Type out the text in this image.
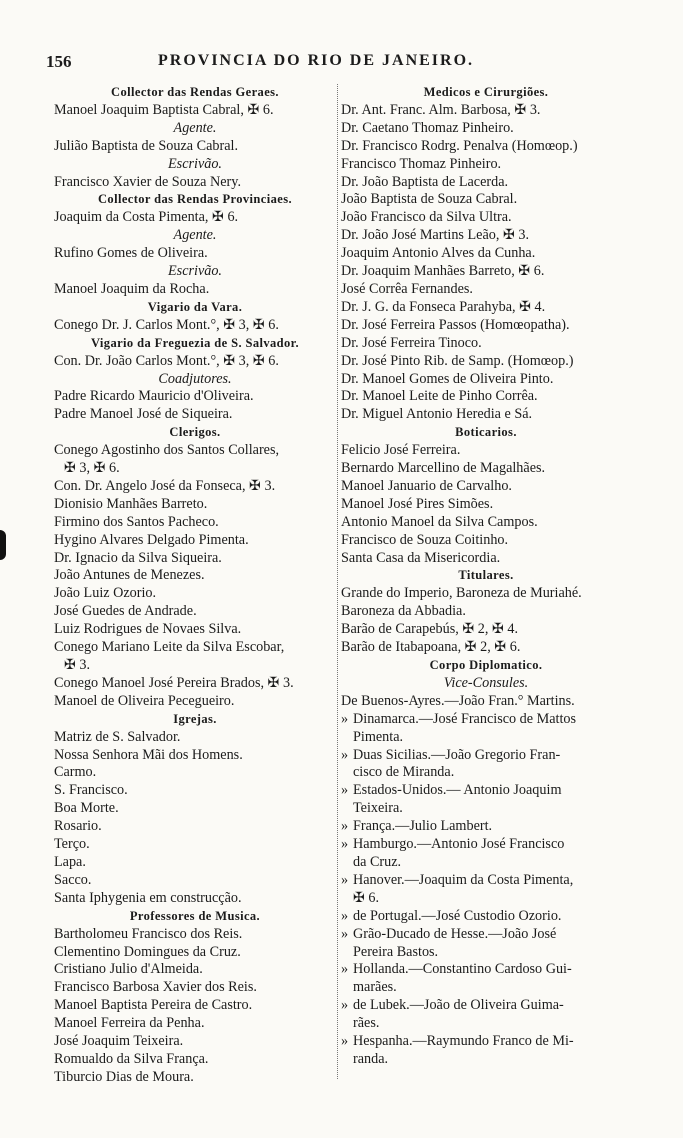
156	PROVINCIA DO RIO DE JANEIRO.
Collector das Rendas Geraes.
Manoel Joaquim Baptista Cabral, ✠ 6.
Agente.
Julião Baptista de Souza Cabral.
Escrivão.
Francisco Xavier de Souza Nery.
Collector das Rendas Provinciaes.
Joaquim da Costa Pimenta, ✠ 6.
Agente.
Rufino Gomes de Oliveira.
Escrivão.
Manoel Joaquim da Rocha.
Vigario da Vara.
Conego Dr. J. Carlos Mont.°, ✠ 3, ✠ 6.
Vigario da Freguezia de S. Salvador.
Con. Dr. João Carlos Mont.°, ✠ 3, ✠ 6.
Coadjutores.
Padre Ricardo Mauricio d'Oliveira.
Padre Manoel José de Siqueira.
Clerigos.
Conego Agostinho dos Santos Collares,
✠ 3, ✠ 6.
Con. Dr. Angelo José da Fonseca, ✠ 3.
Dionisio Manhães Barreto.
Firmino dos Santos Pacheco.
Hygino Alvares Delgado Pimenta.
Dr. Ignacio da Silva Siqueira.
João Antunes de Menezes.
João Luiz Ozorio.
José Guedes de Andrade.
Luiz Rodrigues de Novaes Silva.
Conego Mariano Leite da Silva Escobar,
✠ 3.
Conego Manoel José Pereira Brados, ✠ 3.
Manoel de Oliveira Pecegueiro.
Igrejas.
Matriz de S. Salvador.
Nossa Senhora Mãi dos Homens.
Carmo.
S. Francisco.
Boa Morte.
Rosario.
Terço.
Lapa.
Sacco.
Santa Iphygenia em construcção.
Professores de Musica.
Bartholomeu Francisco dos Reis.
Clementino Domingues da Cruz.
Cristiano Julio d'Almeida.
Francisco Barbosa Xavier dos Reis.
Manoel Baptista Pereira de Castro.
Manoel Ferreira da Penha.
José Joaquim Teixeira.
Romualdo da Silva França.
Tiburcio Dias de Moura.
Medicos e Cirurgiões.
Dr. Ant. Franc. Alm. Barbosa, ✠ 3.
Dr. Caetano Thomaz Pinheiro.
Dr. Francisco Rodrg. Penalva (Homœop.)
Francisco Thomaz Pinheiro.
Dr. João Baptista de Lacerda.
João Baptista de Souza Cabral.
João Francisco da Silva Ultra.
Dr. João José Martins Leão, ✠ 3.
Joaquim Antonio Alves da Cunha.
Dr. Joaquim Manhães Barreto, ✠ 6.
José Corrêa Fernandes.
Dr. J. G. da Fonseca Parahyba, ✠ 4.
Dr. José Ferreira Passos (Homœopatha).
Dr. José Ferreira Tinoco.
Dr. José Pinto Rib. de Samp. (Homœop.)
Dr. Manoel Gomes de Oliveira Pinto.
Dr. Manoel Leite de Pinho Corrêa.
Dr. Miguel Antonio Heredia e Sá.
Boticarios.
Felicio José Ferreira.
Bernardo Marcellino de Magalhães.
Manoel Januario de Carvalho.
Manoel José Pires Simões.
Antonio Manoel da Silva Campos.
Francisco de Souza Coitinho.
Santa Casa da Misericordia.
Titulares.
Grande do Imperio, Baroneza de Muriahé.
Baroneza da Abbadia.
Barão de Carapebús, ✠ 2, ✠ 4.
Barão de Itabapoana, ✠ 2, ✠ 6.
Corpo Diplomatico.
Vice-Consules.
De Buenos-Ayres.—João Fran.° Martins.
» Dinamarca.—José Francisco de Mattos
Pimenta.
» Duas Sicilias.—João Gregorio Fran-
cisco de Miranda.
» Estados-Unidos.— Antonio Joaquim
Teixeira.
» França.—Julio Lambert.
» Hamburgo.—Antonio José Francisco
da Cruz.
» Hanover.—Joaquim da Costa Pimenta,
✠ 6.
» de Portugal.—José Custodio Ozorio.
» Grão-Ducado de Hesse.—João José
Pereira Bastos.
» Hollanda.—Constantino Cardoso Gui-
marães.
» de Lubek.—João de Oliveira Guima-
rães.
» Hespanha.—Raymundo Franco de Mi-
randa.
